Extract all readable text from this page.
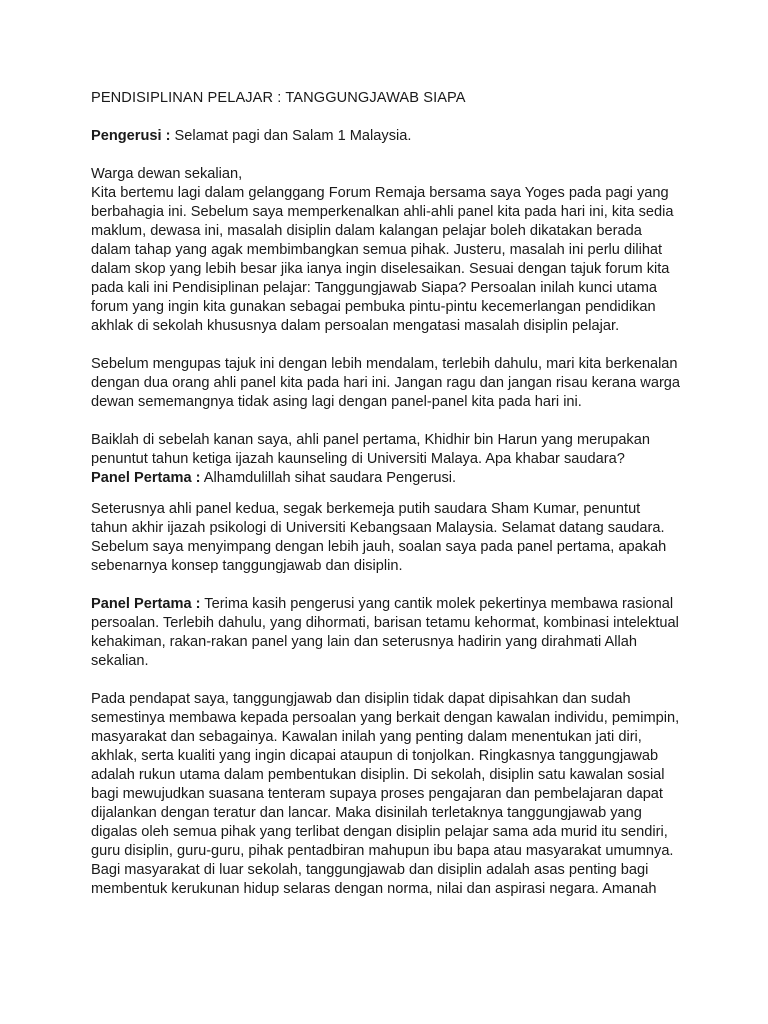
PENDISIPLINAN PELAJAR : TANGGUNGJAWAB SIAPA

Pengerusi : Selamat pagi dan Salam 1 Malaysia.

Warga dewan sekalian,
Kita bertemu lagi dalam gelanggang Forum Remaja bersama saya Yoges pada pagi yang
berbahagia ini. Sebelum saya memperkenalkan ahli-ahli panel kita pada hari ini, kita sedia
maklum, dewasa ini, masalah disiplin dalam kalangan pelajar boleh dikatakan berada
dalam tahap yang agak membimbangkan semua pihak. Justeru, masalah ini perlu dilihat
dalam skop yang lebih besar jika ianya ingin diselesaikan. Sesuai dengan tajuk forum kita
pada kali ini Pendisiplinan pelajar: Tanggungjawab Siapa? Persoalan inilah kunci utama
forum yang ingin kita gunakan sebagai pembuka pintu-pintu kecemerlangan pendidikan
akhlak di sekolah khususnya dalam persoalan mengatasi masalah disiplin pelajar.

Sebelum mengupas tajuk ini dengan lebih mendalam, terlebih dahulu, mari kita berkenalan
dengan dua orang ahli panel kita pada hari ini. Jangan ragu dan jangan risau kerana warga
dewan sememangnya tidak asing lagi dengan panel-panel kita pada hari ini.

Baiklah di sebelah kanan saya, ahli panel pertama, Khidhir bin Harun yang merupakan
penuntut tahun ketiga ijazah kaunseling di Universiti Malaya. Apa khabar saudara?

Panel Pertama : Alhamdulillah sihat saudara Pengerusi.

Seterusnya ahli panel kedua, segak berkemeja putih saudara Sham Kumar, penuntut
tahun akhir ijazah psikologi di Universiti Kebangsaan Malaysia. Selamat datang saudara.
Sebelum saya menyimpang dengan lebih jauh, soalan saya pada panel pertama, apakah
sebenarnya konsep tanggungjawab dan disiplin.

Panel Pertama : Terima kasih pengerusi yang cantik molek pekertinya membawa rasional
persoalan. Terlebih dahulu, yang dihormati, barisan tetamu kehormat, kombinasi intelektual
kehakiman, rakan-rakan panel yang lain dan seterusnya hadirin yang dirahmati Allah
sekalian.

Pada pendapat saya, tanggungjawab dan disiplin tidak dapat dipisahkan dan sudah
semestinya membawa kepada persoalan yang berkait dengan kawalan individu, pemimpin,
masyarakat dan sebagainya. Kawalan inilah yang penting dalam menentukan jati diri,
akhlak, serta kualiti yang ingin dicapai ataupun di tonjolkan. Ringkasnya tanggungjawab
adalah rukun utama dalam pembentukan disiplin. Di sekolah, disiplin satu kawalan sosial
bagi mewujudkan suasana tenteram supaya proses pengajaran dan pembelajaran dapat
dijalankan dengan teratur dan lancar. Maka disinilah terletaknya tanggungjawab yang
digalas oleh semua pihak yang terlibat dengan disiplin pelajar sama ada murid itu sendiri,
guru disiplin, guru-guru, pihak pentadbiran mahupun ibu bapa atau masyarakat umumnya.
Bagi masyarakat di luar sekolah, tanggungjawab dan disiplin adalah asas penting bagi
membentuk kerukunan hidup selaras dengan norma, nilai dan aspirasi negara. Amanah
